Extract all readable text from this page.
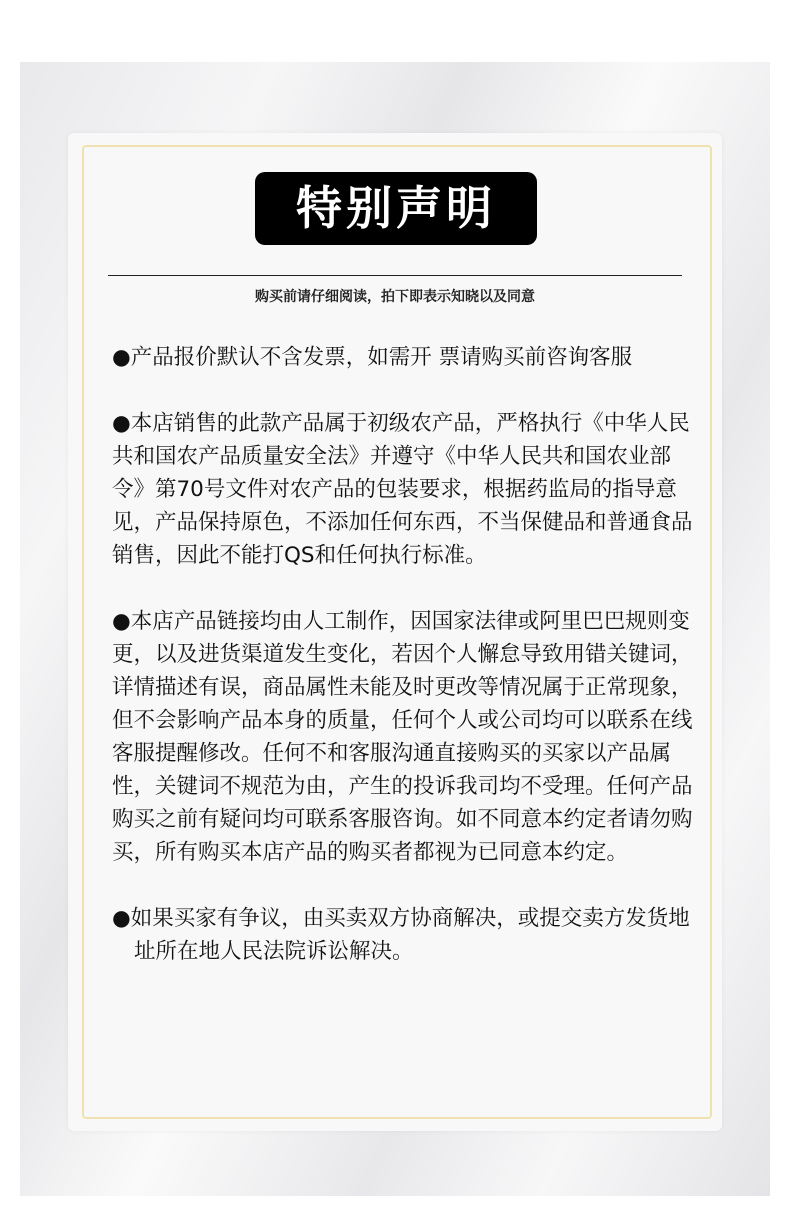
特别声明
购买前请仔细阅读，拍下即表示知晓以及同意

●产品报价默认不含发票，如需开 票请购买前咨询客服

●本店销售的此款产品属于初级农产品，严格执行《中华人民共和国农产品质量安全法》并遵守《中华人民共和国农业部令》第70号文件对农产品的包装要求，根据药监局的指导意见，产品保持原色，不添加任何东西，不当保健品和普通食品销售，因此不能打QS和任何执行标准。

●本店产品链接均由人工制作，因国家法律或阿里巴巴规则变更，以及进货渠道发生变化，若因个人懈怠导致用错关键词，详情描述有误，商品属性未能及时更改等情况属于正常现象，但不会影响产品本身的质量，任何个人或公司均可以联系在线客服提醒修改。任何不和客服沟通直接购买的买家以产品属性，关键词不规范为由，产生的投诉我司均不受理。任何产品购买之前有疑问均可联系客服咨询。如不同意本约定者请勿购买，所有购买本店产品的购买者都视为已同意本约定。

●如果买家有争议，由买卖双方协商解决，或提交卖方发货地址所在地人民法院诉讼解决。
